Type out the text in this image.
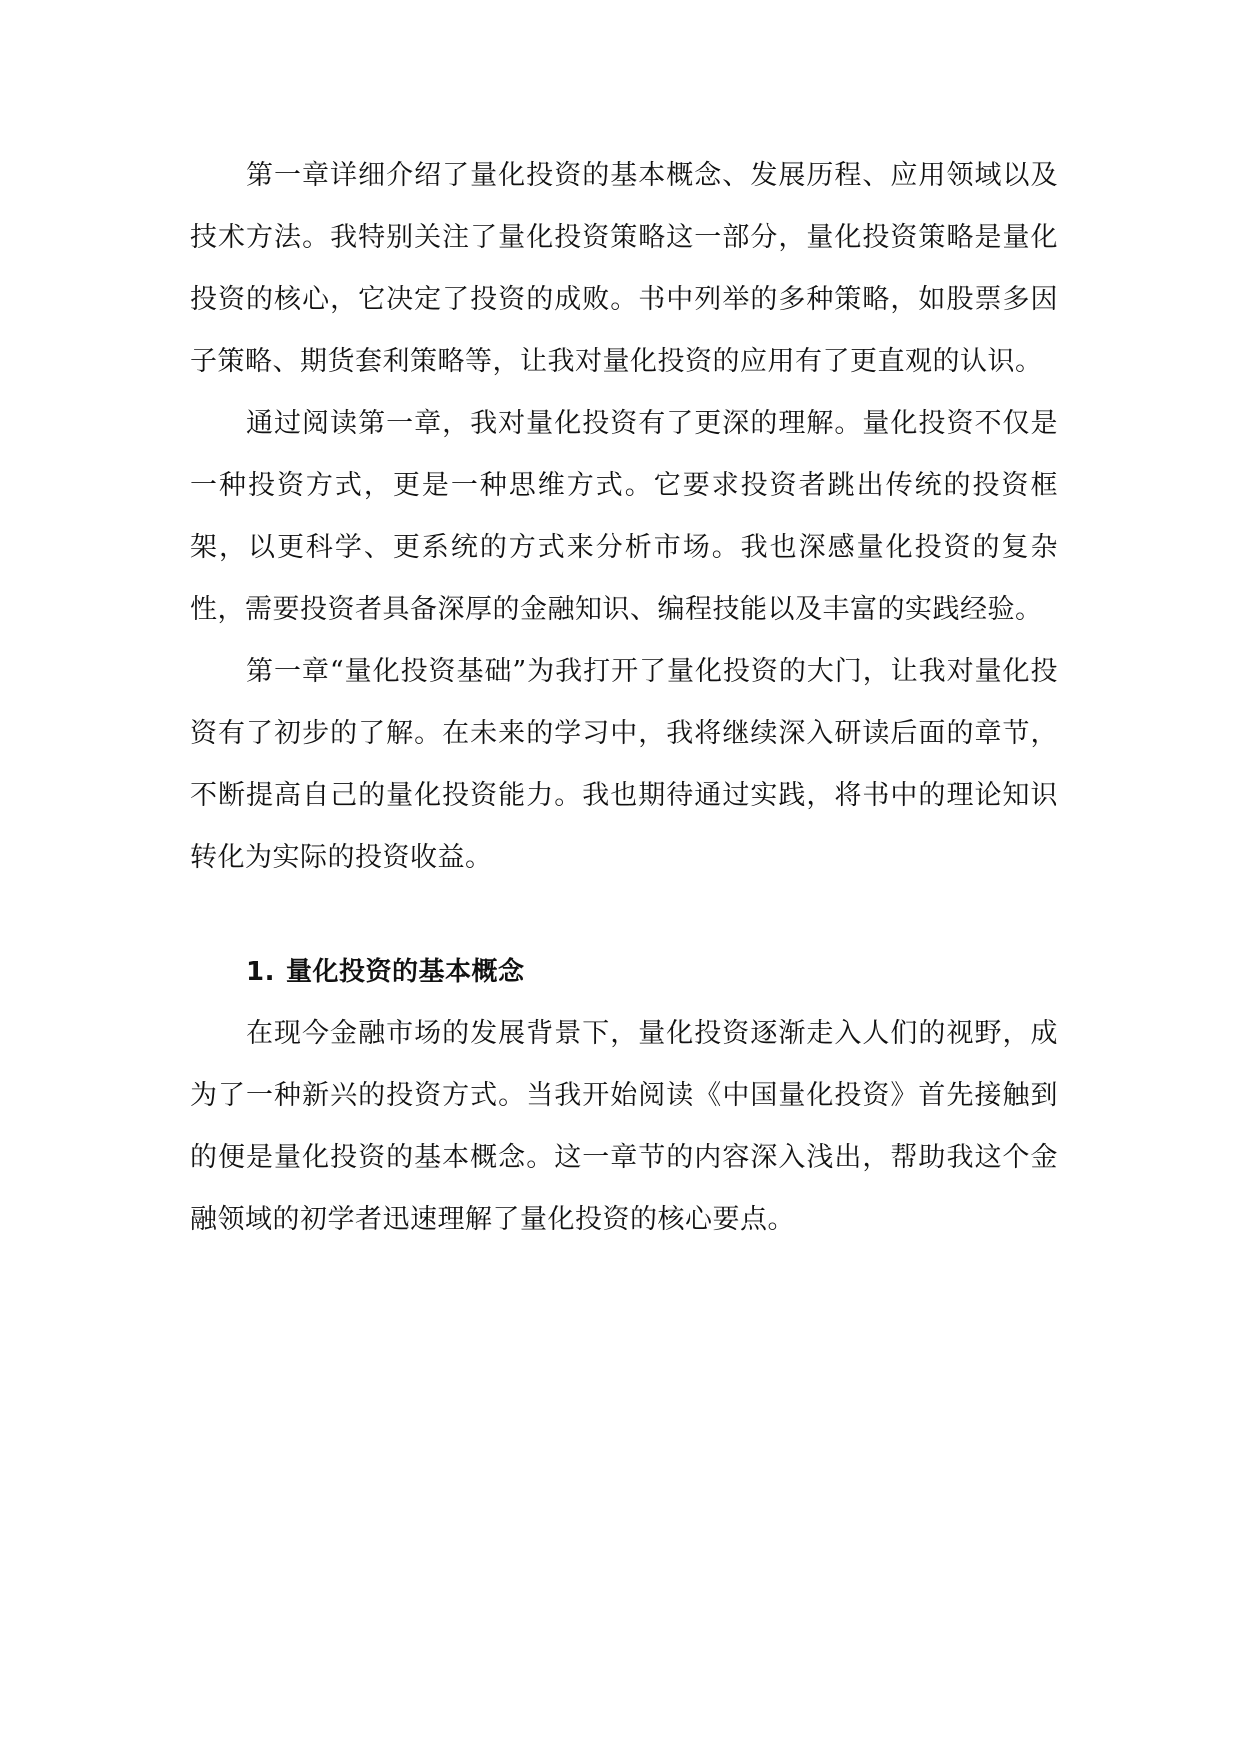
第一章详细介绍了量化投资的基本概念、发展历程、应用领域以及技术方法。我特别关注了量化投资策略这一部分，量化投资策略是量化投资的核心，它决定了投资的成败。书中列举的多种策略，如股票多因子策略、期货套利策略等，让我对量化投资的应用有了更直观的认识。

通过阅读第一章，我对量化投资有了更深的理解。量化投资不仅是一种投资方式，更是一种思维方式。它要求投资者跳出传统的投资框架，以更科学、更系统的方式来分析市场。我也深感量化投资的复杂性，需要投资者具备深厚的金融知识、编程技能以及丰富的实践经验。

第一章“量化投资基础”为我打开了量化投资的大门，让我对量化投资有了初步的了解。在未来的学习中，我将继续深入研读后面的章节，不断提高自己的量化投资能力。我也期待通过实践，将书中的理论知识转化为实际的投资收益。

1. 量化投资的基本概念

在现今金融市场的发展背景下，量化投资逐渐走入人们的视野，成为了一种新兴的投资方式。当我开始阅读《中国量化投资》首先接触到的便是量化投资的基本概念。这一章节的内容深入浅出，帮助我这个金融领域的初学者迅速理解了量化投资的核心要点。
